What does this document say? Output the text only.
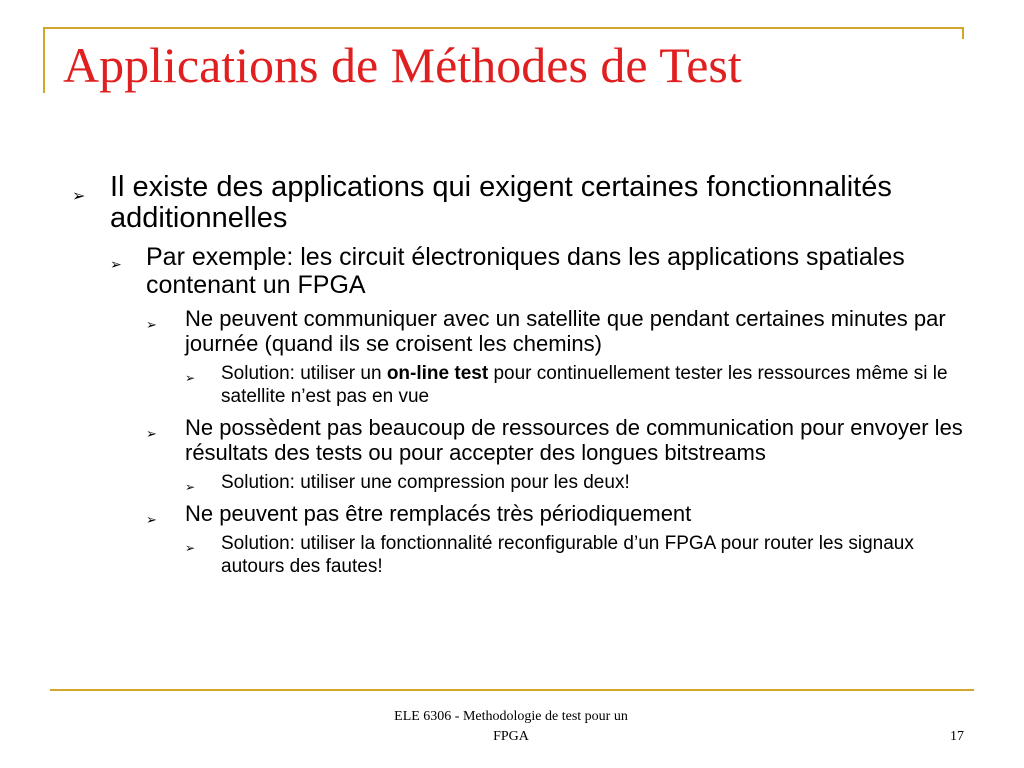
Applications de Méthodes de Test
➢ Il existe des applications qui exigent certaines fonctionnalités additionnelles
➢ Par exemple: les circuit électroniques dans les applications spatiales contenant un FPGA
➢ Ne peuvent communiquer avec un satellite que pendant certaines minutes par journée (quand ils se croisent les chemins)
➢ Solution: utiliser un on-line test pour continuellement tester les ressources même si le satellite n’est pas en vue
➢ Ne possèdent pas beaucoup de ressources de communication pour envoyer les résultats des tests ou pour accepter des longues bitstreams
➢ Solution: utiliser une compression pour les deux!
➢ Ne peuvent pas être remplacés très périodiquement
➢ Solution: utiliser la fonctionnalité reconfigurable d’un FPGA pour router les signaux autours des fautes!
ELE 6306 - Methodologie de test pour un
FPGA	17
